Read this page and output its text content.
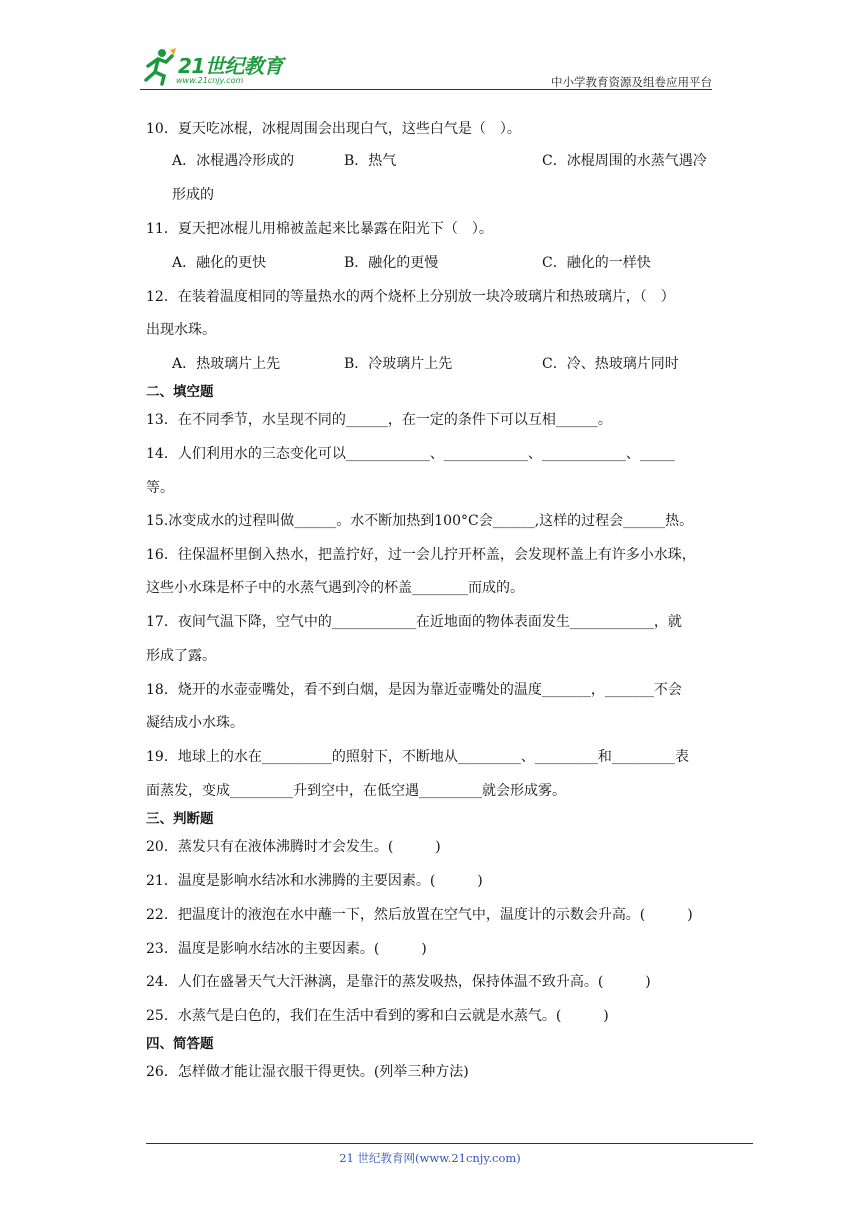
21世纪教育
www.21cnjy.com	中小学教育资源及组卷应用平台
10．夏天吃冰棍，冰棍周围会出现白气，这些白气是（　）。
A．冰棍遇冷形成的	B．热气	C．冰棍周围的水蒸气遇冷
形成的
11．夏天把冰棍儿用棉被盖起来比暴露在阳光下（　）。
A．融化的更快	B．融化的更慢	C．融化的一样快
12．在装着温度相同的等量热水的两个烧杯上分别放一块冷玻璃片和热玻璃片，（　）
出现水珠。
A．热玻璃片上先	B．冷玻璃片上先	C．冷、热玻璃片同时
二、填空题
13．在不同季节，水呈现不同的______，在一定的条件下可以互相______。
14．人们利用水的三态变化可以____________、____________、____________、_____
等。
15.冰变成水的过程叫做______。水不断加热到100°C会______,这样的过程会______热。
16．往保温杯里倒入热水，把盖拧好，过一会儿拧开杯盖，会发现杯盖上有许多小水珠，
这些小水珠是杯子中的水蒸气遇到冷的杯盖________而成的。
17．夜间气温下降，空气中的____________在近地面的物体表面发生____________，就
形成了露。
18．烧开的水壶壶嘴处，看不到白烟，是因为靠近壶嘴处的温度_______，_______不会
凝结成小水珠。
19．地球上的水在__________的照射下，不断地从_________、_________和_________表
面蒸发，变成_________升到空中，在低空遇_________就会形成雾。
三、判断题
20．蒸发只有在液体沸腾时才会发生。(　　　)
21．温度是影响水结冰和水沸腾的主要因素。(　　　)
22．把温度计的液泡在水中蘸一下，然后放置在空气中，温度计的示数会升高。(　　　)
23．温度是影响水结冰的主要因素。(　　　)
24．人们在盛暑天气大汗淋漓，是靠汗的蒸发吸热，保持体温不致升高。(　　　)
25．水蒸气是白色的，我们在生活中看到的雾和白云就是水蒸气。(　　　)
四、简答题
26．怎样做才能让湿衣服干得更快。(列举三种方法)
21 世纪教育网(www.21cnjy.com)
